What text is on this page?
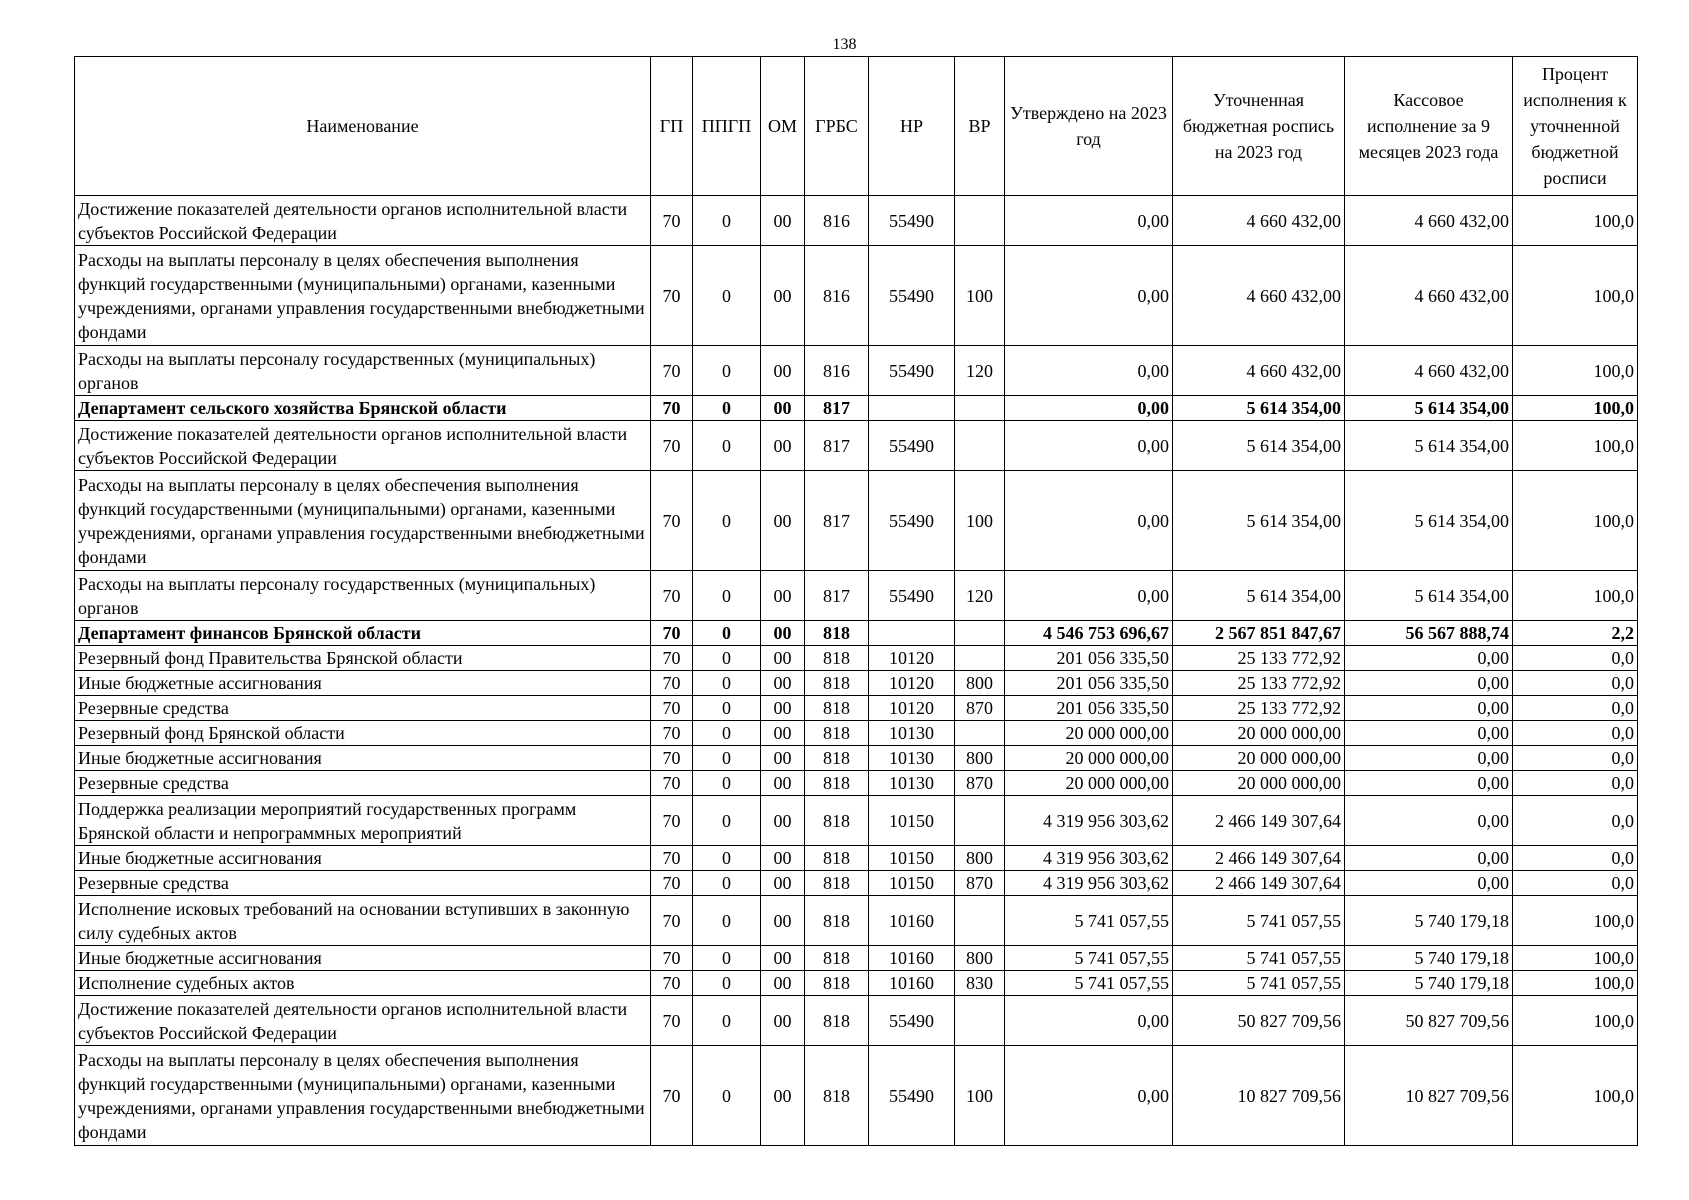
138
Наименование	ГП	ППГП	ОМ	ГРБС	НР	ВР	Утверждено на 2023 год	Уточненная бюджетная роспись на 2023 год	Кассовое исполнение за 9 месяцев 2023 года	Процент исполнения к уточненной бюджетной росписи
Достижение показателей деятельности органов исполнительной власти субъектов Российской Федерации	70	0	00	816	55490		0,00	4 660 432,00	4 660 432,00	100,0
Расходы на выплаты персоналу в целях обеспечения выполнения функций государственными (муниципальными) органами, казенными учреждениями, органами управления государственными внебюджетными фондами	70	0	00	816	55490	100	0,00	4 660 432,00	4 660 432,00	100,0
Расходы на выплаты персоналу государственных (муниципальных) органов	70	0	00	816	55490	120	0,00	4 660 432,00	4 660 432,00	100,0
Департамент сельского хозяйства Брянской области	70	0	00	817			0,00	5 614 354,00	5 614 354,00	100,0
Достижение показателей деятельности органов исполнительной власти субъектов Российской Федерации	70	0	00	817	55490		0,00	5 614 354,00	5 614 354,00	100,0
Расходы на выплаты персоналу в целях обеспечения выполнения функций государственными (муниципальными) органами, казенными учреждениями, органами управления государственными внебюджетными фондами	70	0	00	817	55490	100	0,00	5 614 354,00	5 614 354,00	100,0
Расходы на выплаты персоналу государственных (муниципальных) органов	70	0	00	817	55490	120	0,00	5 614 354,00	5 614 354,00	100,0
Департамент финансов Брянской области	70	0	00	818			4 546 753 696,67	2 567 851 847,67	56 567 888,74	2,2
Резервный фонд Правительства Брянской области	70	0	00	818	10120		201 056 335,50	25 133 772,92	0,00	0,0
Иные бюджетные ассигнования	70	0	00	818	10120	800	201 056 335,50	25 133 772,92	0,00	0,0
Резервные средства	70	0	00	818	10120	870	201 056 335,50	25 133 772,92	0,00	0,0
Резервный фонд Брянской области	70	0	00	818	10130		20 000 000,00	20 000 000,00	0,00	0,0
Иные бюджетные ассигнования	70	0	00	818	10130	800	20 000 000,00	20 000 000,00	0,00	0,0
Резервные средства	70	0	00	818	10130	870	20 000 000,00	20 000 000,00	0,00	0,0
Поддержка реализации мероприятий государственных программ Брянской области и непрограммных мероприятий	70	0	00	818	10150		4 319 956 303,62	2 466 149 307,64	0,00	0,0
Иные бюджетные ассигнования	70	0	00	818	10150	800	4 319 956 303,62	2 466 149 307,64	0,00	0,0
Резервные средства	70	0	00	818	10150	870	4 319 956 303,62	2 466 149 307,64	0,00	0,0
Исполнение исковых требований на основании вступивших в законную силу судебных актов	70	0	00	818	10160		5 741 057,55	5 741 057,55	5 740 179,18	100,0
Иные бюджетные ассигнования	70	0	00	818	10160	800	5 741 057,55	5 741 057,55	5 740 179,18	100,0
Исполнение судебных актов	70	0	00	818	10160	830	5 741 057,55	5 741 057,55	5 740 179,18	100,0
Достижение показателей деятельности органов исполнительной власти субъектов Российской Федерации	70	0	00	818	55490		0,00	50 827 709,56	50 827 709,56	100,0
Расходы на выплаты персоналу в целях обеспечения выполнения функций государственными (муниципальными) органами, казенными учреждениями, органами управления государственными внебюджетными фондами	70	0	00	818	55490	100	0,00	10 827 709,56	10 827 709,56	100,0
